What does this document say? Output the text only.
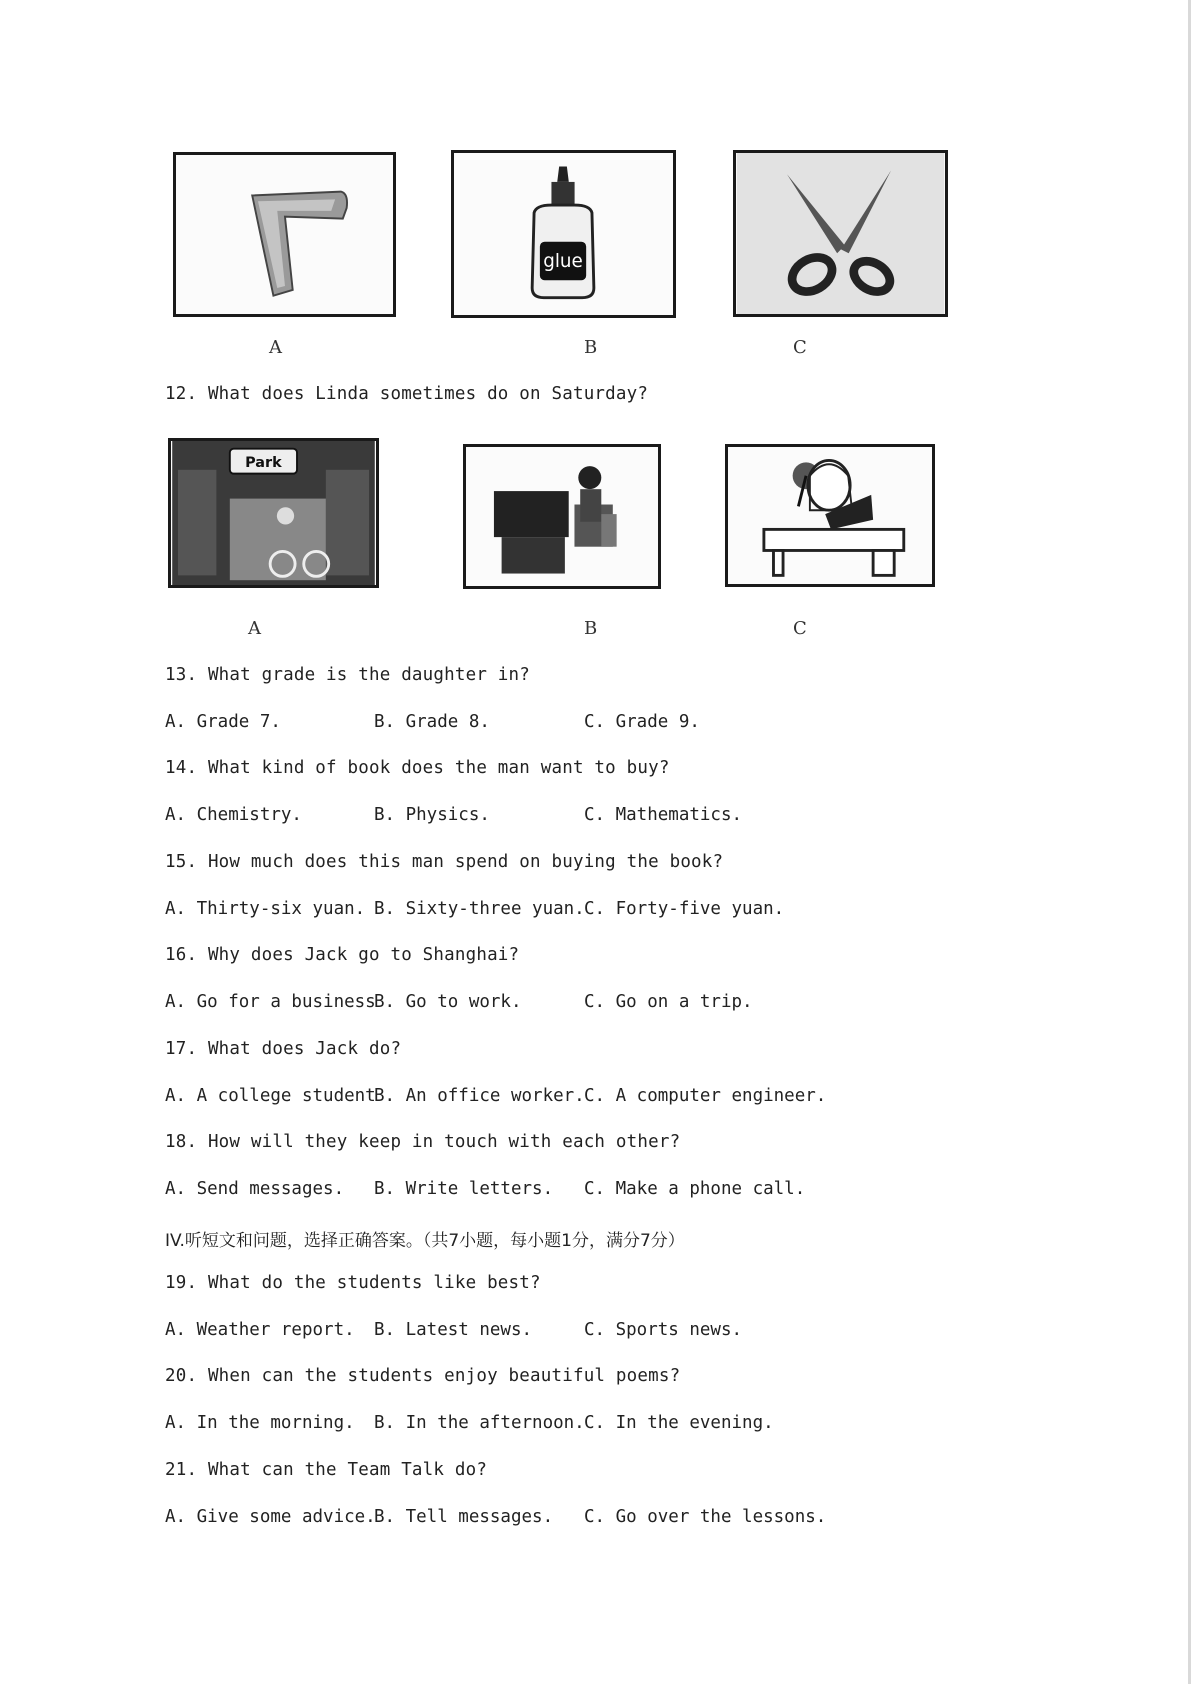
glue
A	B	C
12. What does Linda sometimes do on Saturday?
Park
A	B	C
13. What grade is the daughter in?
A. Grade 7.	B. Grade 8.	C. Grade 9.
14. What kind of book does the man want to buy?
A. Chemistry.	B. Physics.	C. Mathematics.
15. How much does this man spend on buying the book?
A. Thirty-six yuan. B. Sixty-three yuan. C. Forty-five yuan.
16. Why does Jack go to Shanghai?
A. Go for a business
B. Go to work.	C. Go on a trip.
17. What does Jack do?
A. A college student
B. An office worker. C. A computer engineer.
18. How will they keep in touch with each other?
A. Send messages. B. Write letters. C. Make a phone call.
IV.听短文和问题，选择正确答案。（共7小题，每小题1分，满分7分）
19. What do the students like best?
A. Weather report. B. Latest news.	C. Sports news.
20. When can the students enjoy beautiful poems?
A. In the morning. B. In the afternoon. C. In the evening.
21. What can the Team Talk do?
A. Give some advice.
B. Tell messages. C. Go over the lessons.
